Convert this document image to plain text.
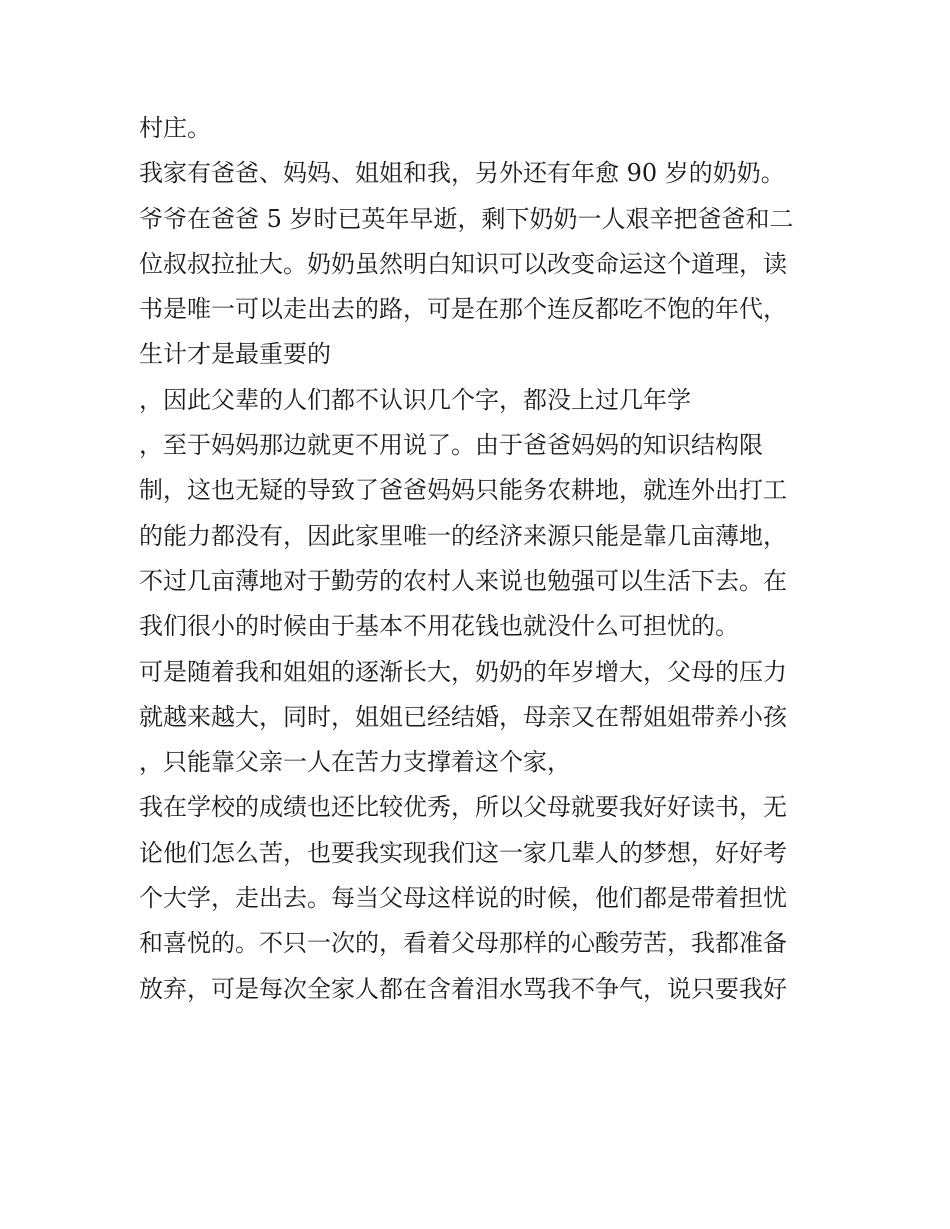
村庄。
我家有爸爸、妈妈、姐姐和我，另外还有年愈 90 岁的奶奶。
爷爷在爸爸 5 岁时已英年早逝，剩下奶奶一人艰辛把爸爸和二
位叔叔拉扯大。奶奶虽然明白知识可以改变命运这个道理，读
书是唯一可以走出去的路，可是在那个连反都吃不饱的年代，
生计才是最重要的
，因此父辈的人们都不认识几个字，都没上过几年学
，至于妈妈那边就更不用说了。由于爸爸妈妈的知识结构限
制，这也无疑的导致了爸爸妈妈只能务农耕地，就连外出打工
的能力都没有，因此家里唯一的经济来源只能是靠几亩薄地，
不过几亩薄地对于勤劳的农村人来说也勉强可以生活下去。在
我们很小的时候由于基本不用花钱也就没什么可担忧的。
可是随着我和姐姐的逐渐长大，奶奶的年岁增大，父母的压力
就越来越大，同时，姐姐已经结婚，母亲又在帮姐姐带养小孩
，只能靠父亲一人在苦力支撑着这个家，
我在学校的成绩也还比较优秀，所以父母就要我好好读书，无
论他们怎么苦，也要我实现我们这一家几辈人的梦想，好好考
个大学，走出去。每当父母这样说的时候，他们都是带着担忧
和喜悦的。不只一次的，看着父母那样的心酸劳苦，我都准备
放弃，可是每次全家人都在含着泪水骂我不争气，说只要我好
